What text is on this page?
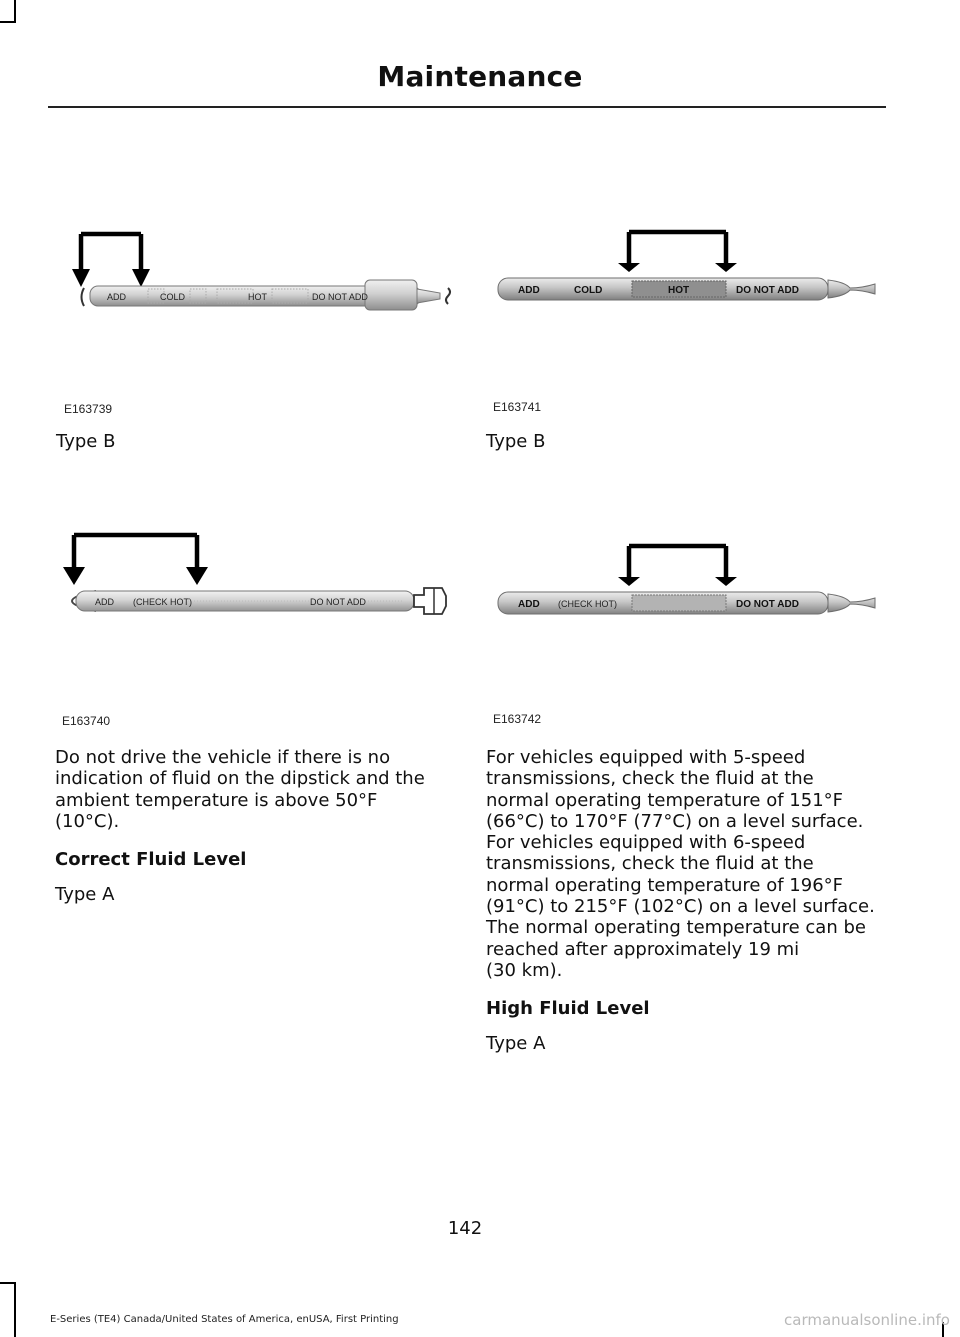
Maintenance
ADD	COLD	HOT	DO NOT ADD
E163739
Type B
ADD	COLD	HOT	DO NOT ADD
E163741
Type B
ADD (CHECK HOT)	DO NOT ADD
E163740
ADD (CHECK HOT)	DO NOT ADD
E163742
Do not drive the vehicle if there is no
indication of fluid on the dipstick and the
ambient temperature is above 50°F
(10°C).
Correct Fluid Level
Type A
For vehicles equipped with 5-speed
transmissions, check the fluid at the
normal operating temperature of 151°F
(66°C) to 170°F (77°C) on a level surface.
For vehicles equipped with 6-speed
transmissions, check the fluid at the
normal operating temperature of 196°F
(91°C) to 215°F (102°C) on a level surface.
The normal operating temperature can be
reached after approximately 19 mi
(30 km).
High Fluid Level
Type A
142
E-Series (TE4) Canada/United States of America, enUSA, First Printing	carmanualsonline.info
